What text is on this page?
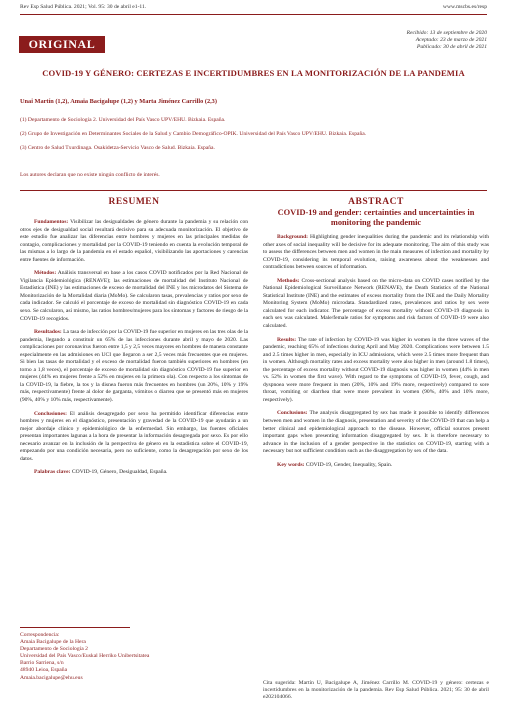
Rev Esp Salud Pública. 2021; Vol. 95: 30 de abril e1-11.	www.mscbs.es/resp
ORIGINAL
Recibido: 13 de septiembre de 2020
Aceptado: 23 de marzo de 2021
Publicado: 30 de abril de 2021
COVID-19 Y GÉNERO: CERTEZAS E INCERTIDUMBRES EN LA MONITORIZACIÓN DE LA PANDEMIA
Unai Martín (1,2), Amaia Bacigalupe (1,2) y Marta Jiménez Carrillo (2,3)
(1) Departamento de Sociología 2. Universidad del País Vasco UPV/EHU. Bizkaia. España.
(2) Grupo de Investigación en Determinantes Sociales de la Salud y Cambio Demográfico-OPIK. Universidad del País Vasco UPV/EHU. Bizkaia. España.
(3) Centro de Salud Txurdinaga. Osakidetza-Servicio Vasco de Salud. Bizkaia. España.
Los autores declaran que no existe ningún conflicto de interés.
RESUMEN	ABSTRACT
COVID-19 and gender: certainties and uncertainties in monitoring the pandemic

Fundamentos: Visibilizar las desigualdades de género durante la pandemia y su relación con otros ejes de desigualdad social resultará decisivo para su adecuada monitorización. El objetivo de este estudio fue analizar las diferencias entre hombres y mujeres en las principales medidas de contagio, complicaciones y mortalidad por la COVID-19 teniendo en cuenta la evolución temporal de las mismas a lo largo de la pandemia en el estado español, visibilizando las aportaciones y carencias entre fuentes de información.

Métodos: Análisis transversal en base a los casos COVID notificados por la Red Nacional de Vigilancia Epidemiológica (RENAVE); las estimaciones de mortalidad del Instituto Nacional de Estadística (INE) y las estimaciones de exceso de mortalidad del INE y los microdatos del Sistema de Monitorización de la Mortalidad diaria (MoMo). Se calcularon tasas, prevalencias y ratios por sexo de cada indicador. Se calculó el porcentaje de exceso de mortalidad sin diagnóstico COVID-19 en cada sexo. Se calcularon, así mismo, las ratios hombres/mujeres para los síntomas y factores de riesgo de la COVID-19 recogidos.

Resultados: La tasa de infección por la COVID-19 fue superior en mujeres en las tres olas de la pandemia, llegando a constituir un 65% de las infecciones durante abril y mayo de 2020. Las complicaciones por coronavirus fueron entre 1,5 y 2,5 veces mayores en hombres de manera constante especialmente en las admisiones en UCI que llegaron a ser 2,5 veces más frecuentes que en mujeres. Si bien las tasas de mortalidad y el exceso de mortalidad fueron también superiores en hombres (en torno a 1,8 veces), el porcentaje de exceso de mortalidad sin diagnóstico COVID-19 fue superior en mujeres (44% en mujeres frente a 52% en mujeres en la primera ola). Con respecto a los síntomas de la COVID-19, la fiebre, la tos y la disnea fueron más frecuentes en hombres (un 20%, 10% y 19% más, respectivamente) frente al dolor de garganta, vómitos o diarrea que se presentó más en mujeres (90%, 40% y 10% más, respectivamente).

Conclusiones: El análisis desagregado por sexo ha permitido identificar diferencias entre hombres y mujeres en el diagnóstico, presentación y gravedad de la COVID-19 que ayudarán a un mejor abordaje clínico y epidemiológico de la enfermedad. Sin embargo, las fuentes oficiales presentan importantes lagunas a la hora de presentar la información desagregada por sexo. Es por ello necesario avanzar en la inclusión de la perspectiva de género en la estadística sobre el COVID-19, empezando por una condición necesaria, pero no suficiente, como la desagregación por sexo de los datos.

Palabras clave: COVID-19, Género, Desigualdad, España.

Background: Highlighting gender inequalities during the pandemic and its relationship with other axes of social inequality will be decisive for its adequate monitoring. The aim of this study was to assess the differences between men and women in the main measures of infection and mortality by COVID-19, considering its temporal evolution, raising awareness about the weaknesses and contradictions between sources of information.

Methods: Cross-sectional analysis based on the micro-data on COVID cases notified by the National Epidemiological Surveillance Network (RENAVE), the Death Statistics of the National Statistical Institute (INE) and the estimates of excess mortality from the INE and the Daily Mortality Monitoring System (MoMo) microdata. Standardized rates, prevalences and ratios by sex were calculated for each indicator. The percentage of excess mortality without COVID-19 diagnosis in each sex was calculated. Male/female ratios for symptoms and risk factors of COVID-19 were also calculated.

Results: The rate of infection by COVID-19 was higher in women in the three waves of the pandemic, reaching 65% of infections during April and May 2020. Complications were between 1.5 and 2.5 times higher in men, especially in ICU admissions, which were 2.5 times more frequent than in women. Although mortality rates and excess mortality were also higher in men (around 1.8 times), the percentage of excess mortality without COVID-19 diagnosis was higher in women (44% in men vs. 52% in women the first wave). With regard to the symptoms of COVID-19, fever, cough, and dyspnoea were more frequent in men (20%, 10% and 19% more, respectively) compared to sore throat, vomiting or diarrhea that were more prevalent in women (90%, 40% and 10% more, respectively).

Conclusions: The analysis disaggregated by sex has made it possible to identify differences between men and women in the diagnosis, presentation and severity of the COVID-19 that can help a better clinical and epidemiological approach to the disease. However, official sources present important gaps when presenting information disaggregated by sex. It is therefore necessary to advance in the inclusion of a gender perspective in the statistics on COVID-19, starting with a necessary but not sufficient condition such as the disaggregation by sex of the data.

Key words: COVID-19, Gender, Inequality, Spain.

Correspondencia:
Amaia Bacigalupe de la Hera
Departamento de Sociología 2
Universidad del País Vasco/Euskal Herriko Unibertsitatea
Barrio Sarriena, s/n
48940 Leioa, España
Amaia.bacigalupe@ehu.eus
Cita sugerida: Martín U, Bacigalupe A, Jiménez Carrillo M. COVID-19 y género: certezas e incertidumbres en la monitorización de la pandemia. Rev Esp Salud Pública. 2021; 95: 30 de abril e202104066.
